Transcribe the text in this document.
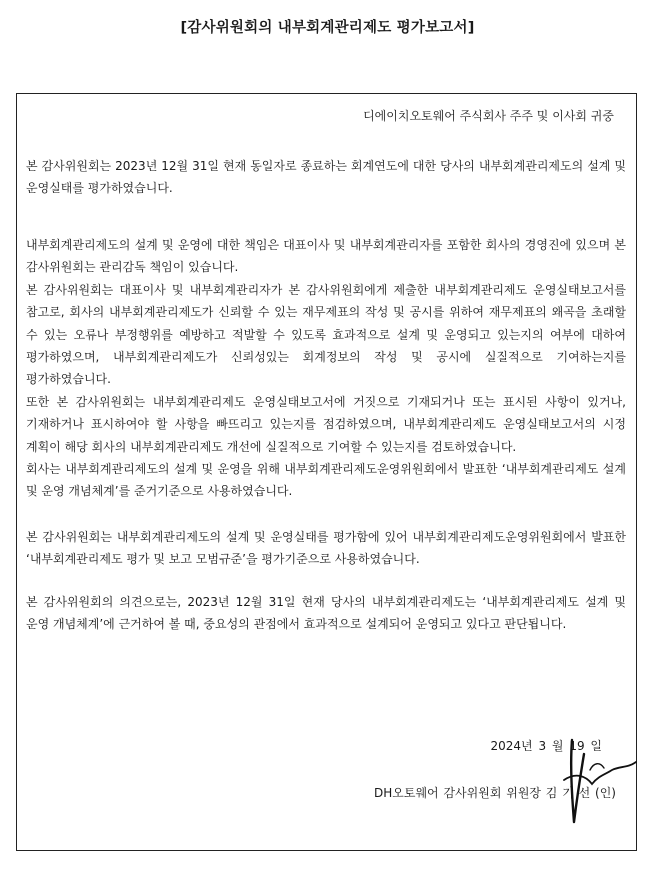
[감사위원회의 내부회계관리제도 평가보고서]
디에이치오토웨어 주식회사 주주 및 이사회 귀중

본 감사위원회는 2023년 12월 31일 현재 동일자로 종료하는 회계연도에 대한 당사의 내부회계관리제도의 설계 및 운영실태를 평가하였습니다.

내부회계관리제도의 설계 및 운영에 대한 책임은 대표이사 및 내부회계관리자를 포함한 회사의 경영진에 있으며 본 감사위원회는 관리감독 책임이 있습니다.

본 감사위원회는 대표이사 및 내부회계관리자가 본 감사위원회에게 제출한 내부회계관리제도 운영실태보고서를 참고로, 회사의 내부회계관리제도가 신뢰할 수 있는 재무제표의 작성 및 공시를 위하여 재무제표의 왜곡을 초래할 수 있는 오류나 부정행위를 예방하고 적발할 수 있도록 효과적으로 설계 및 운영되고 있는지의 여부에 대하여 평가하였으며, 내부회계관리제도가 신뢰성있는 회계정보의 작성 및 공시에 실질적으로 기여하는지를 평가하였습니다.

또한 본 감사위원회는 내부회계관리제도 운영실태보고서에 거짓으로 기재되거나 또는 표시된 사항이 있거나, 기재하거나 표시하여야 할 사항을 빠뜨리고 있는지를 점검하였으며, 내부회계관리제도 운영실태보고서의 시정 계획이 해당 회사의 내부회계관리제도 개선에 실질적으로 기여할 수 있는지를 검토하였습니다.

회사는 내부회계관리제도의 설계 및 운영을 위해 내부회계관리제도운영위원회에서 발표한 ‘내부회계관리제도 설계 및 운영 개념체계’를 준거기준으로 사용하였습니다.

본 감사위원회는 내부회계관리제도의 설계 및 운영실태를 평가함에 있어 내부회계관리제도운영위원회에서 발표한 ‘내부회계관리제도 평가 및 보고 모범규준’을 평가기준으로 사용하였습니다.

본 감사위원회의 의견으로는, 2023년 12월 31일 현재 당사의 내부회계관리제도는 ‘내부회계관리제도 설계 및 운영 개념체계’에 근거하여 볼 때, 중요성의 관점에서 효과적으로 설계되어 운영되고 있다고 판단됩니다.

2024년 3 월 19 일
DH오토웨어 감사위원회 위원장 김 기 선 (인)
